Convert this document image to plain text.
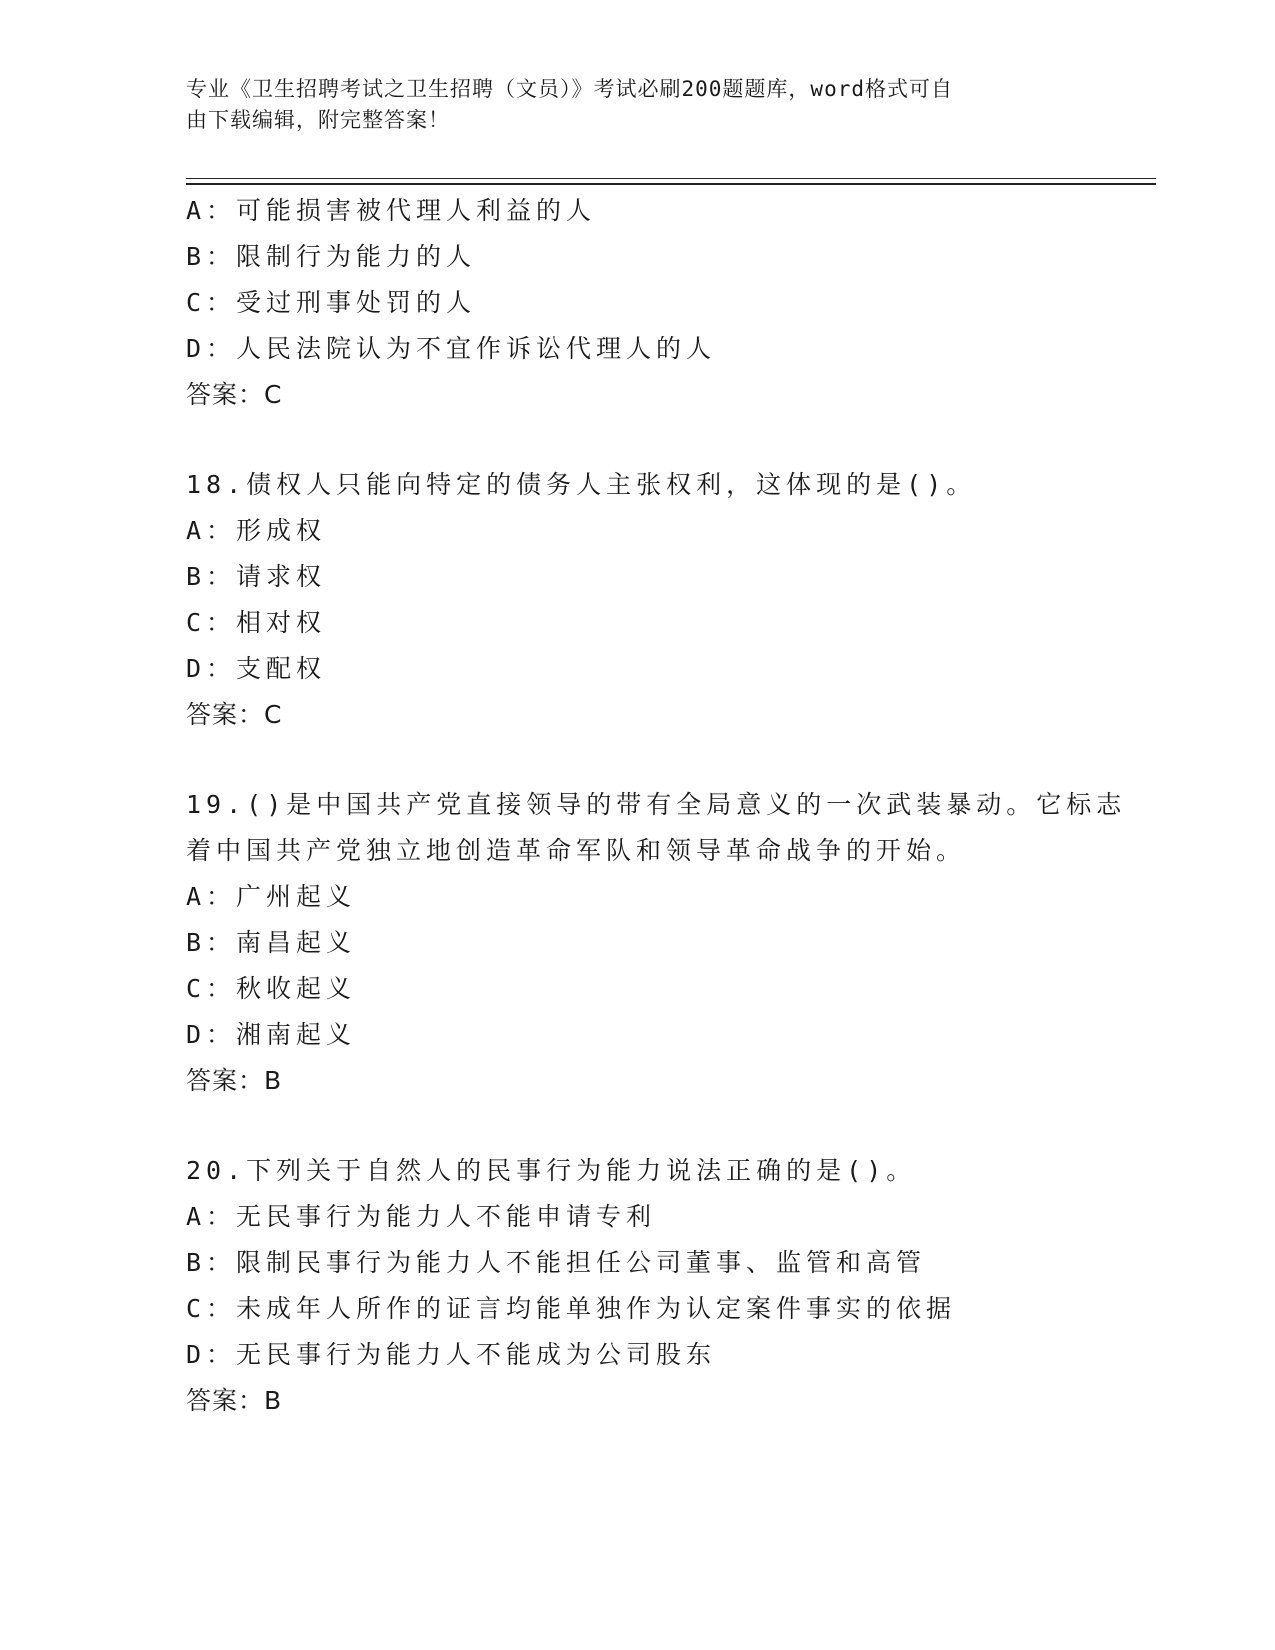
专业《卫生招聘考试之卫生招聘（文员）》考试必刷200题题库，word格式可自
由下载编辑，附完整答案！
A：可能损害被代理人利益的人
B：限制行为能力的人
C：受过刑事处罚的人
D：人民法院认为不宜作诉讼代理人的人
答案：C
18.债权人只能向特定的债务人主张权利，这体现的是()。
A：形成权
B：请求权
C：相对权
D：支配权
答案：C
19.()是中国共产党直接领导的带有全局意义的一次武装暴动。它标志
着中国共产党独立地创造革命军队和领导革命战争的开始。
A：广州起义
B：南昌起义
C：秋收起义
D：湘南起义
答案：B
20.下列关于自然人的民事行为能力说法正确的是()。
A：无民事行为能力人不能申请专利
B：限制民事行为能力人不能担任公司董事、监管和高管
C：未成年人所作的证言均能单独作为认定案件事实的依据
D：无民事行为能力人不能成为公司股东
答案：B
